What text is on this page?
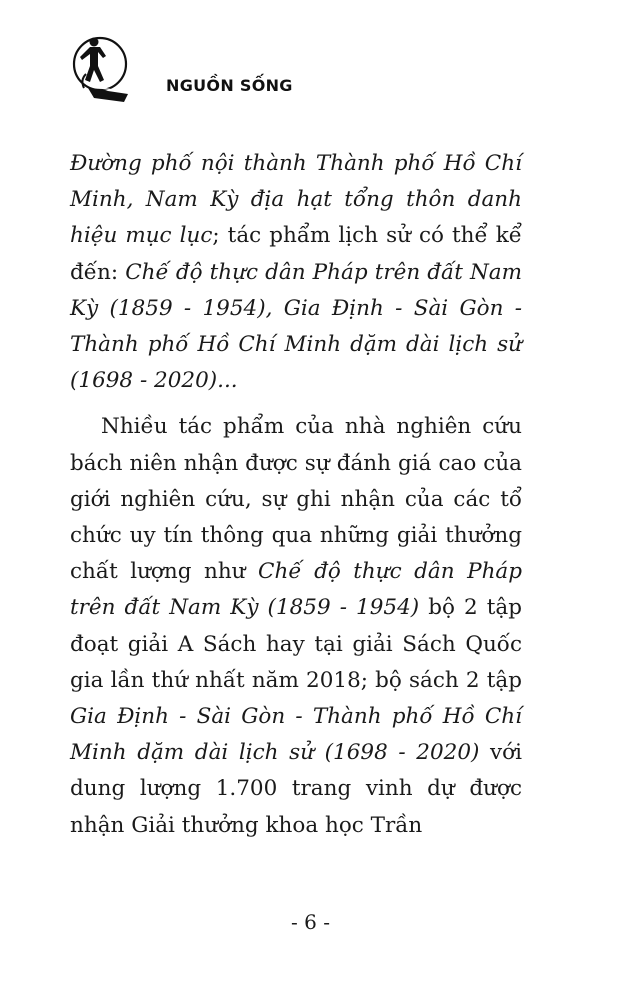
NGUỒN SỐNG

Đường phố nội thành Thành phố Hồ Chí Minh, Nam Kỳ địa hạt tổng thôn danh hiệu mục lục; tác phẩm lịch sử có thể kể đến: Chế độ thực dân Pháp trên đất Nam Kỳ (1859 - 1954), Gia Định - Sài Gòn - Thành phố Hồ Chí Minh dặm dài lịch sử (1698 - 2020)...

Nhiều tác phẩm của nhà nghiên cứu bách niên nhận được sự đánh giá cao của giới nghiên cứu, sự ghi nhận của các tổ chức uy tín thông qua những giải thưởng chất lượng như Chế độ thực dân Pháp trên đất Nam Kỳ (1859 - 1954) bộ 2 tập đoạt giải A Sách hay tại giải Sách Quốc gia lần thứ nhất năm 2018; bộ sách 2 tập Gia Định - Sài Gòn - Thành phố Hồ Chí Minh dặm dài lịch sử (1698 - 2020) với dung lượng 1.700 trang vinh dự được nhận Giải thưởng khoa học Trần

- 6 -
